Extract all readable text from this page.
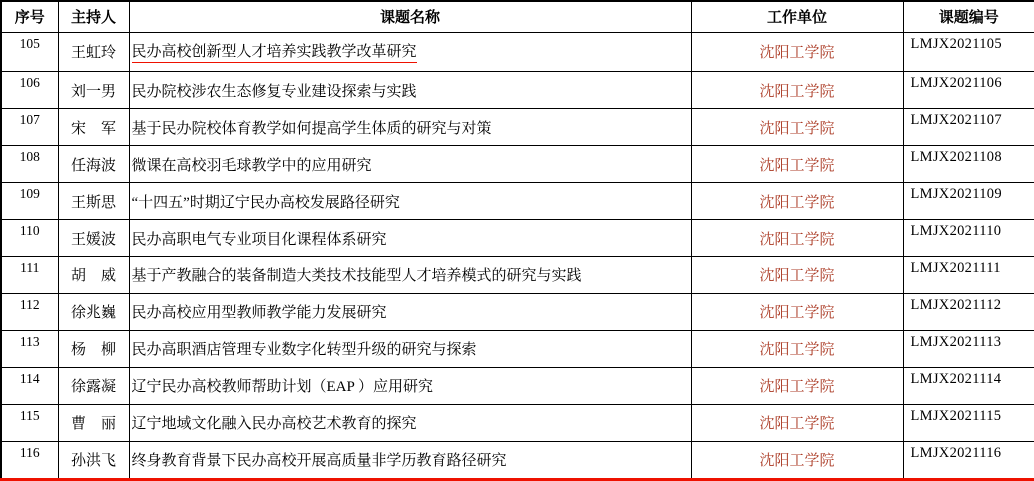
序号	主持人	课题名称	工作单位	课题编号
105	王虹玲	民办高校创新型人才培养实践教学改革研究	沈阳工学院	LMJX2021105
106	刘一男	民办院校涉农生态修复专业建设探索与实践	沈阳工学院	LMJX2021106
107	宋　军	基于民办院校体育教学如何提高学生体质的研究与对策	沈阳工学院	LMJX2021107
108	任海波	微课在高校羽毛球教学中的应用研究	沈阳工学院	LMJX2021108
109	王斯思	“十四五”时期辽宁民办高校发展路径研究	沈阳工学院	LMJX2021109
110	王媛波	民办高职电气专业项目化课程体系研究	沈阳工学院	LMJX2021110
111	胡　威	基于产教融合的装备制造大类技术技能型人才培养模式的研究与实践	沈阳工学院	LMJX2021111
112	徐兆巍	民办高校应用型教师教学能力发展研究	沈阳工学院	LMJX2021112
113	杨　柳	民办高职酒店管理专业数字化转型升级的研究与探索	沈阳工学院	LMJX2021113
114	徐露凝	辽宁民办高校教师帮助计划（EAP ）应用研究	沈阳工学院	LMJX2021114
115	曹　丽	辽宁地域文化融入民办高校艺术教育的探究	沈阳工学院	LMJX2021115
116	孙洪飞	终身教育背景下民办高校开展高质量非学历教育路径研究	沈阳工学院	LMJX2021116
